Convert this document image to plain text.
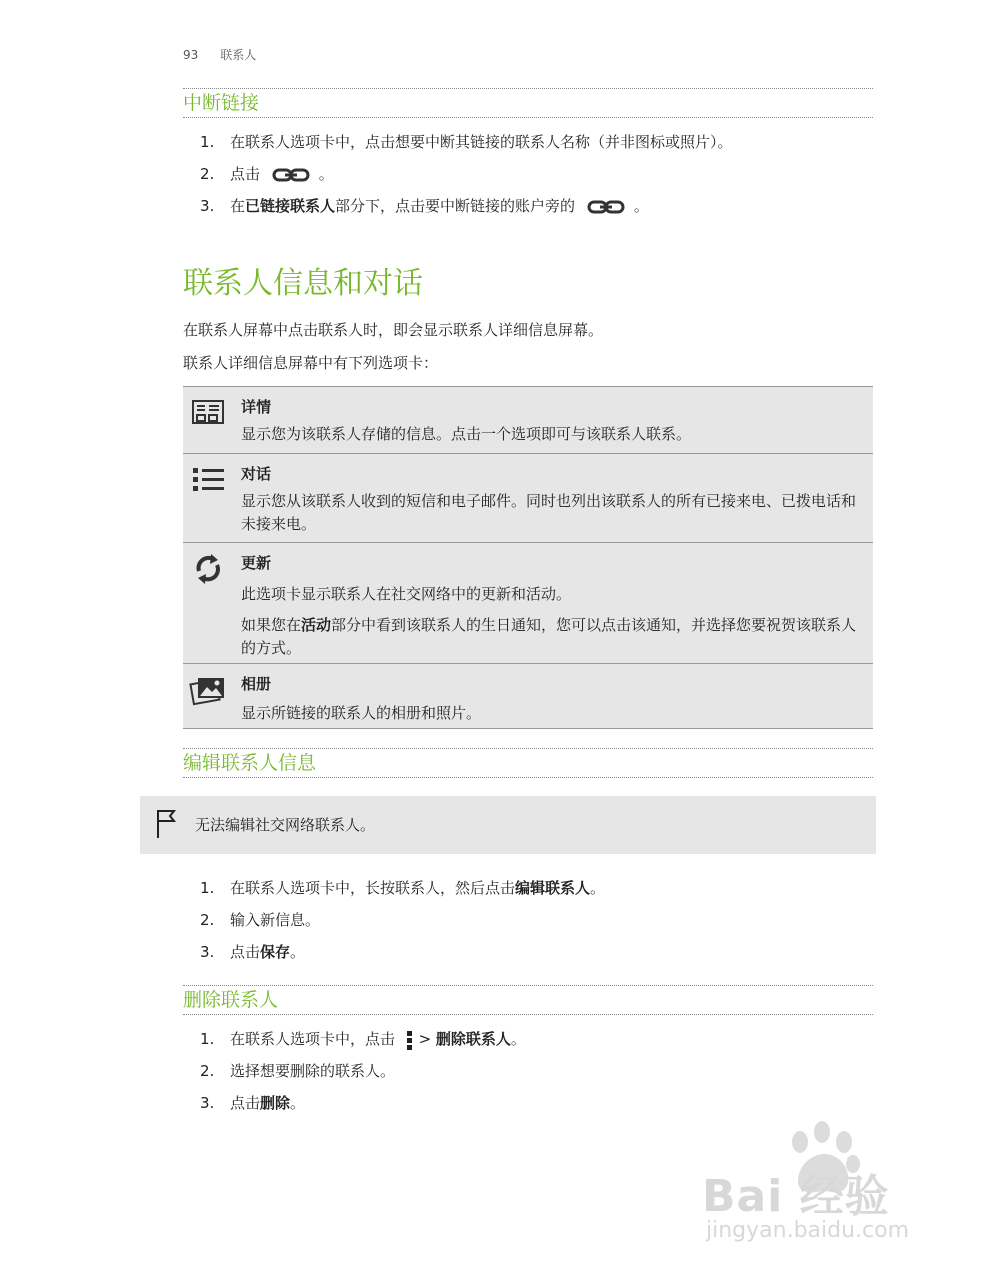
93 联系人
中断链接
1. 在联系人选项卡中，点击想要中断其链接的联系人名称（并非图标或照片）。
2. 点击	。
3. 在已链接联系人部分下，点击要中断链接的账户旁的	。
联系人信息和对话
在联系人屏幕中点击联系人时，即会显示联系人详细信息屏幕。
联系人详细信息屏幕中有下列选项卡：
详情
显示您为该联系人存储的信息。点击一个选项即可与该联系人联系。
对话
显示您从该联系人收到的短信和电子邮件。同时也列出该联系人的所有已接来电、已拨电话和未接来电。
更新
此选项卡显示联系人在社交网络中的更新和活动。
如果您在活动部分中看到该联系人的生日通知，您可以点击该通知，并选择您要祝贺该联系人的方式。
相册
显示所链接的联系人的相册和照片。
编辑联系人信息
无法编辑社交网络联系人。
1. 在联系人选项卡中，长按联系人，然后点击编辑联系人。
2. 输入新信息。
3. 点击保存。
删除联系人
1. 在联系人选项卡中，点击  > 删除联系人。
2. 选择想要删除的联系人。
3. 点击删除。
Bai 经验
jingyan.baidu.com
